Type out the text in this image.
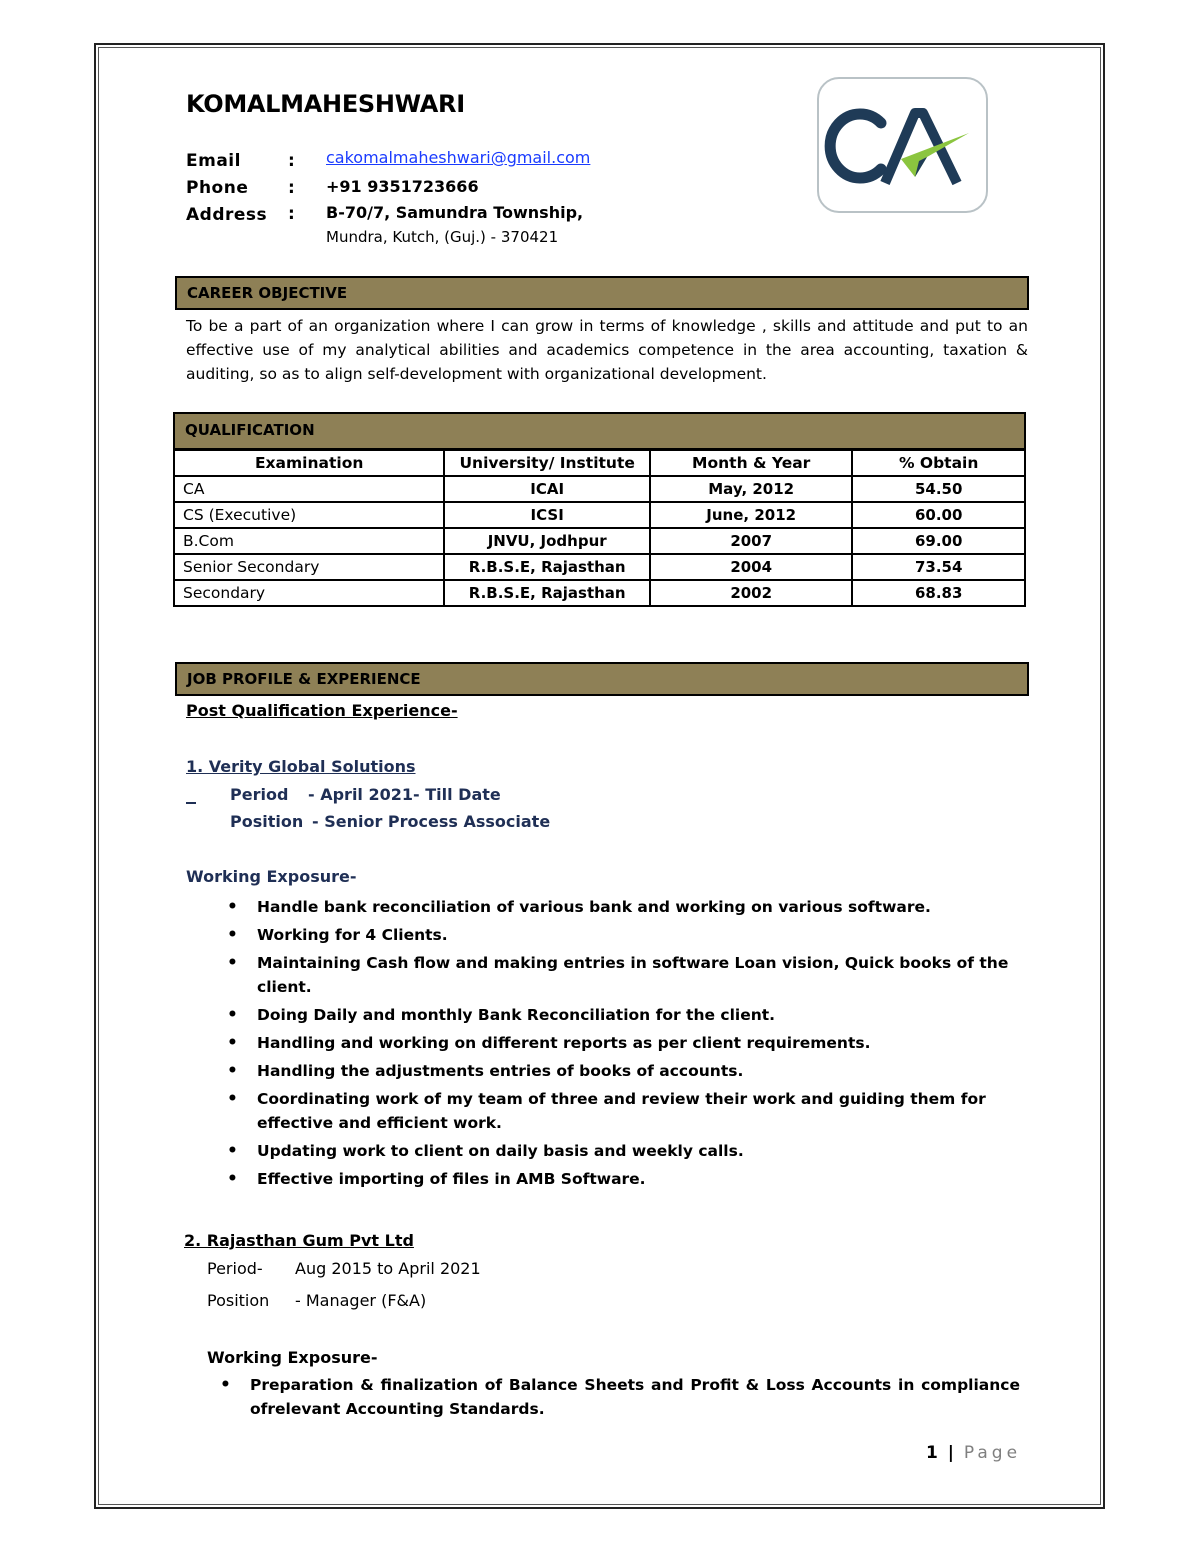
KOMALMAHESHWARI
Email	: cakomalmaheshwari@gmail.com
Phone : +91 9351723666
Address : B-70/7, Samundra Township,
Mundra, Kutch, (Guj.) - 370421
CAREER OBJECTIVE
To be a part of an organization where I can grow in terms of knowledge , skills and attitude and put to an effective use of my analytical abilities and academics competence in the area accounting, taxation & auditing, so as to align self-development with organizational development.
QUALIFICATION
Examination	University/ Institute	Month & Year	% Obtain
CA	ICAI	May, 2012	54.50
CS (Executive)	ICSI	June, 2012	60.00
B.Com	JNVU, Jodhpur	2007	69.00
Senior Secondary	R.B.S.E, Rajasthan	2004	73.54
Secondary	R.B.S.E, Rajasthan	2002	68.83
JOB PROFILE & EXPERIENCE
Post Qualification Experience-
1. Verity Global Solutions
Period - April 2021- Till Date
Position - Senior Process Associate
Working Exposure-
• Handle bank reconciliation of various bank and working on various software.
• Working for 4 Clients.
• Maintaining Cash flow and making entries in software Loan vision, Quick books of the client.
• Doing Daily and monthly Bank Reconciliation for the client.
• Handling and working on different reports as per client requirements.
• Handling the adjustments entries of books of accounts.
• Coordinating work of my team of three and review their work and guiding them for effective and efficient work.
• Updating work to client on daily basis and weekly calls.
• Effective importing of files in AMB Software.
2. Rajasthan Gum Pvt Ltd
Period- Aug 2015 to April 2021
Position - Manager (F&A)
Working Exposure-
• Preparation & finalization of Balance Sheets and Profit & Loss Accounts in compliance ofrelevant Accounting Standards.
1 | Page
